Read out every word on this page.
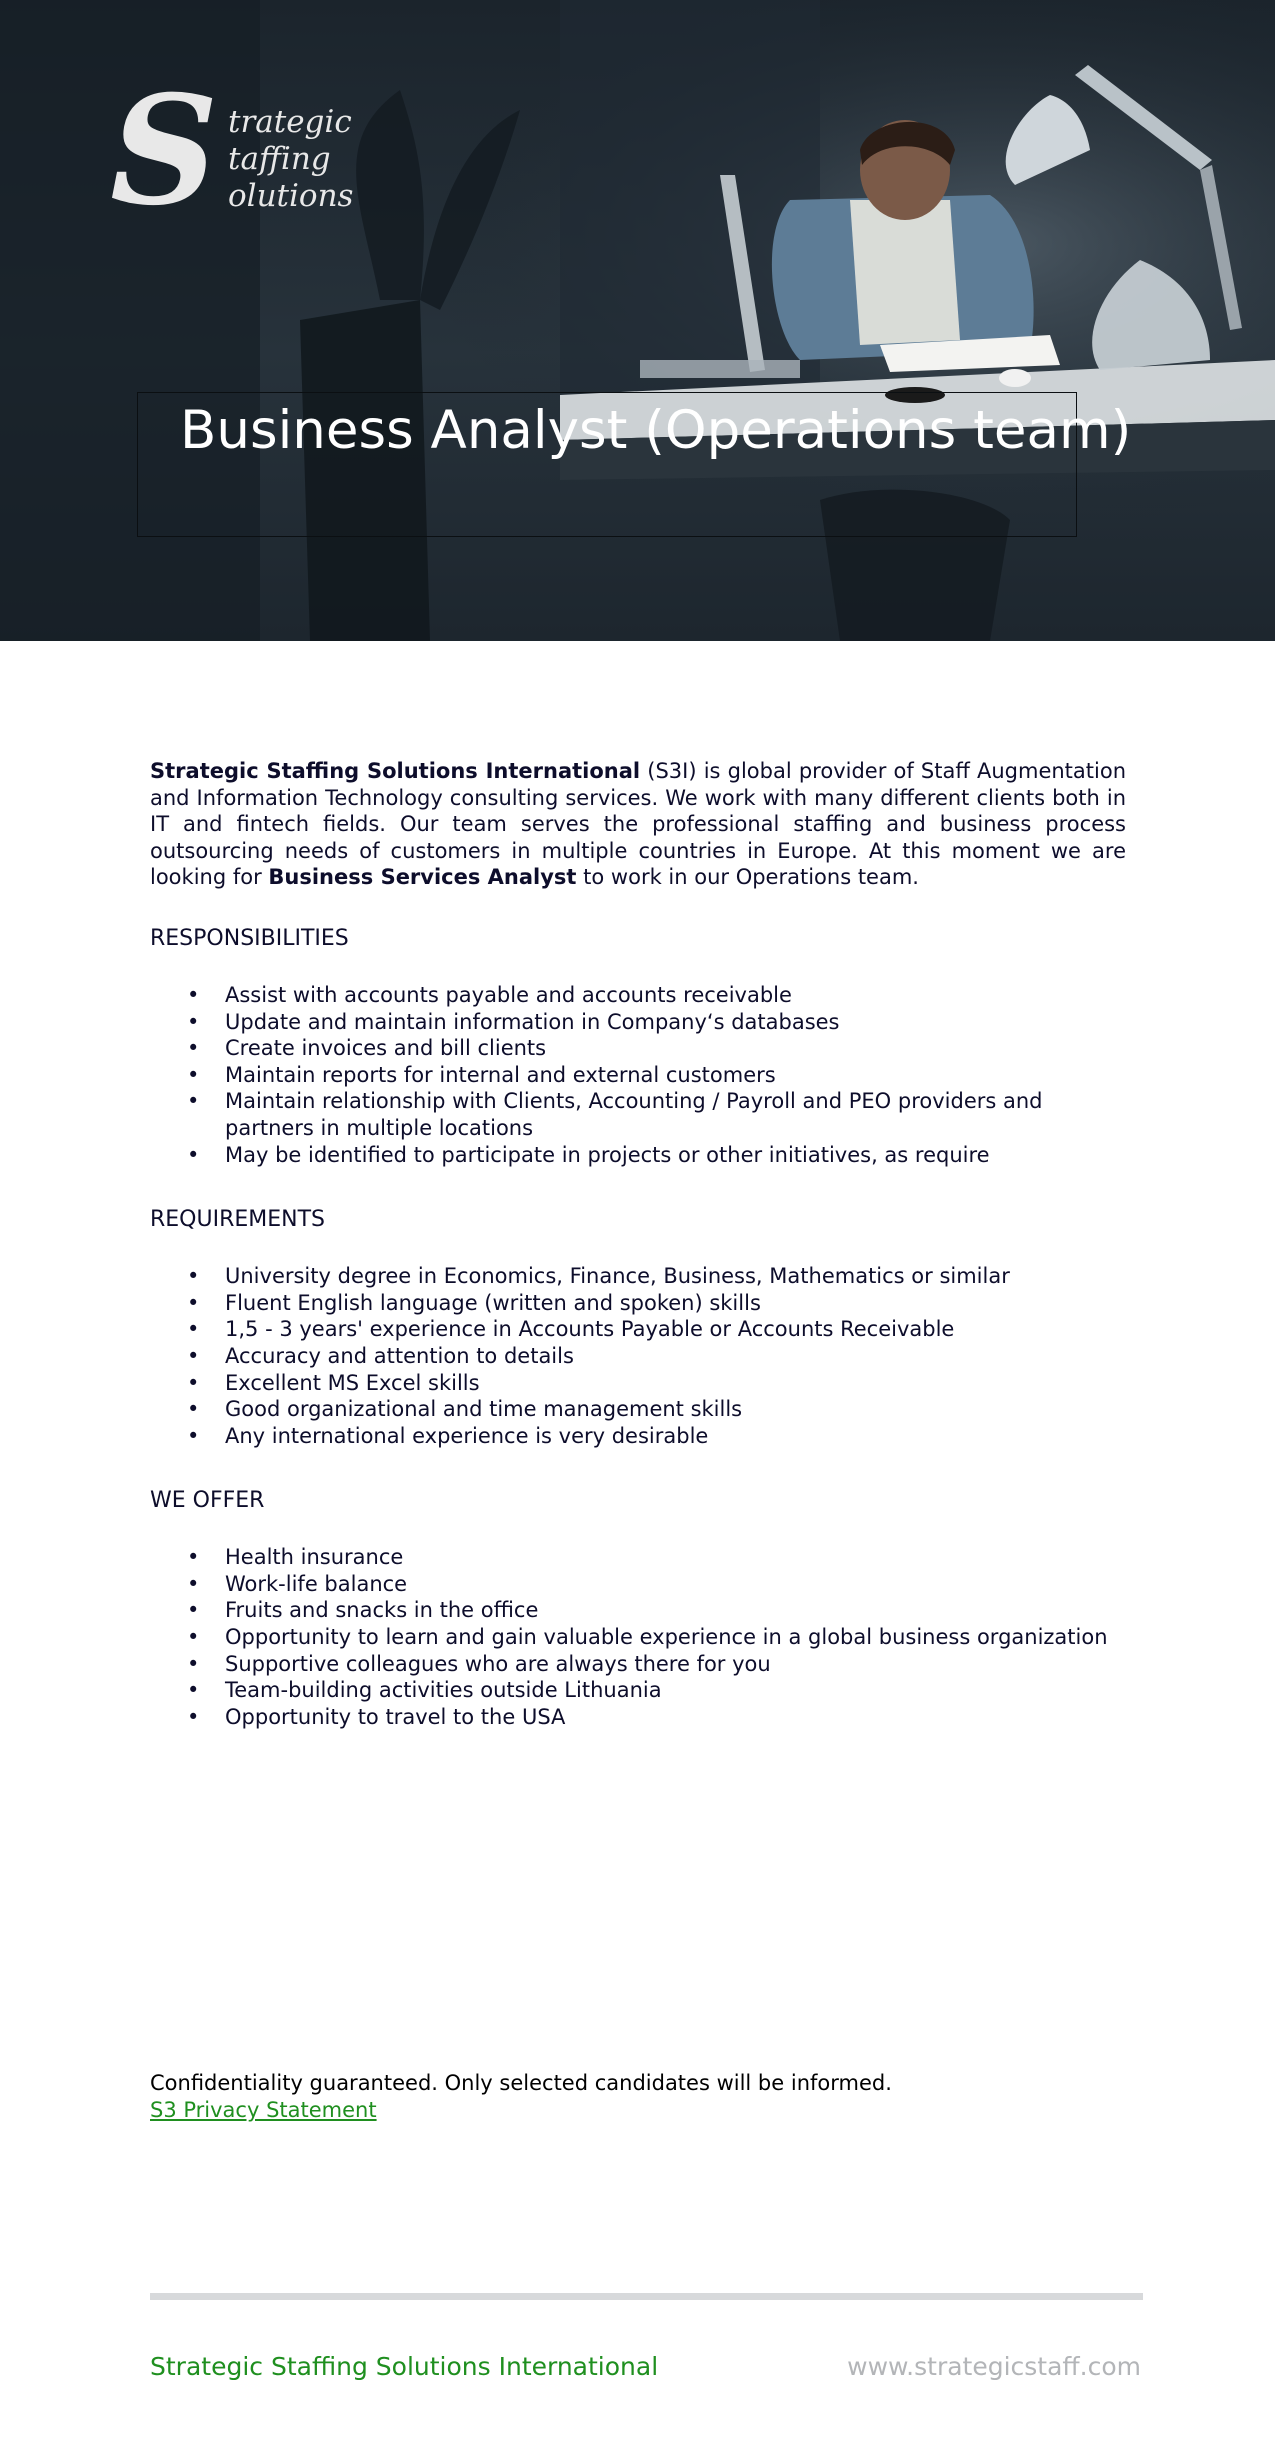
S trategic
taffing
olutions
Business Analyst (Operations team)

Strategic Staffing Solutions International (S3I) is global provider of Staff Augmentation and Information Technology consulting services. We work with many different clients both in IT and fintech fields. Our team serves the professional staffing and business process outsourcing needs of customers in multiple countries in Europe. At this moment we are looking for Business Services Analyst to work in our Operations team.

RESPONSIBILITIES
• Assist with accounts payable and accounts receivable
• Update and maintain information in Company‘s databases
• Create invoices and bill clients
• Maintain reports for internal and external customers
• Maintain relationship with Clients, Accounting / Payroll and PEO providers and partners in multiple locations
• May be identified to participate in projects or other initiatives, as require
REQUIREMENTS
• University degree in Economics, Finance, Business, Mathematics or similar
• Fluent English language (written and spoken) skills
• 1,5 - 3 years' experience in Accounts Payable or Accounts Receivable
• Accuracy and attention to details
• Excellent MS Excel skills
• Good organizational and time management skills
• Any international experience is very desirable
WE OFFER
• Health insurance
• Work-life balance
• Fruits and snacks in the office
• Opportunity to learn and gain valuable experience in a global business organization
• Supportive colleagues who are always there for you
• Team-building activities outside Lithuania
• Opportunity to travel to the USA
Confidentiality guaranteed. Only selected candidates will be informed.
S3 Privacy Statement
Strategic Staffing Solutions International	www.strategicstaff.com
